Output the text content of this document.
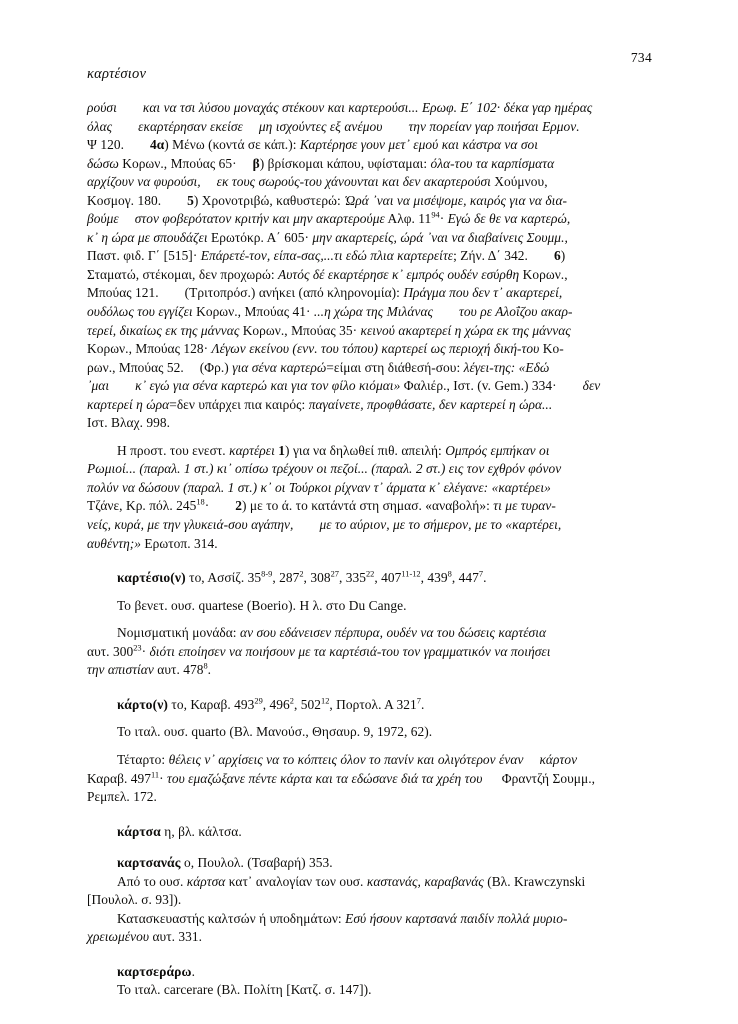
734
καρτέσιον
ρούσι και να τσι λύσου μοναχάς στέκουν και καρτερούσι... Ερωφ. Ε΄ 102· δέκα γαρ ημέρας
όλας εκαρτέρησαν εκείσε μη ισχούντες εξ ανέμου την πορείαν γαρ ποιήσαι Ερμον.
Ψ 120. 4α) Μένω (κοντά σε κάπ.): Καρτέρησε γουν μετ᾽ εμού και κάστρα να σοι
δώσω Κορων., Μπούας 65· β) βρίσκομαι κάπου, υφίσταμαι: όλα-του τα καρπίσματα
αρχίζουν να φυρούσι, εκ τους σωρούς-του χάνουνται και δεν ακαρτερούσι Χούμνου,
Κοσμογ. 180. 5) Χρονοτριβώ, καθυστερώ: Ὡρά ᾽ναι να μισέψομε, καιρός για να δια-
βούμε στον φοβερότατον κριτήν και μην ακαρτερούμε Αλφ. $11^{94}\cdot E\gamma ώ$ δε θε να καρτερώ,
κ᾽ η ώρα με σπουδάζει Ερωτόκρ. Α΄ 605· μην ακαρτερείς, ώρά ᾽ναι να διαβαίνεις Σουμμ.,
Παστ. φιδ. Γ΄ [515]· Επάρετέ-τον, είπα-σας,...τι εδώ πλια καρτερείτε; Ζήν. Δ΄ 342. 6)
Σταματώ, στέκομαι, δεν προχωρώ: Αυτός δέ εκαρτέρησε κ᾽ εμπρός ουδέν εσύρθη Κορων.,
Μπούας 121. (Τριτοπρόσ.) ανήκει (από κληρονομία): Πράγμα που δεν τ᾽ ακαρτερεί,
ουδόλως του εγγίζει Κορων., Μπούας 41· ...η χώρα της Μιλάνας του ρε Αλοΐζου ακαρ-
τερεί, δικαίως εκ της μάννας Κορων., Μπούας 35· κεινού ακαρτερεί η χώρα εκ της μάννας
Κορων., Μπούας 128· Λέγων εκείνου (ενν. του τόπου) καρτερεί ως περιοχή δική-του Κο-
ρων., Μπούας 52. (Φρ.) για σένα καρτερώ=είμαι στη διάθεσή-σου: λέγει-της: «Εδώ
᾽μαι κ᾽ εγώ για σένα καρτερώ και για τον φίλο κιόμαι» Φαλιέρ., Ιστ. (v. Gem.) 334· δεν
καρτερεί η ώρα=δεν υπάρχει πια καιρός: παγαίνετε, προφθάσατε, δεν καρτερεί η ώρα...
Ιστ. Βλαχ. 998.
Η προστ. του ενεστ. καρτέρει 1) για να δηλωθεί πιθ. απειλή: Ομπρός εμπήκαν οι
Ρωμιοί... (παραλ. 1 στ.) κι᾽ οπίσω τρέχουν οι πεζοί... (παραλ. 2 στ.) εις τον εχθρόν φόνον
πολύν να δώσουν (παραλ. 1 στ.) κ᾽ οι Τούρκοι ρίχναν τ᾽ άρματα κ᾽ ελέγανε: «καρτέρει»
Τζάνε, Κρ. πόλ. $245^{18}\cdot 2$) με το ά. το κατάντά στη σημασ. «αναβολή»: τι με τυραν-
νείς, κυρά, με την γλυκειά-σου αγάπην, με το αύριον, με το σήμερον, με το «καρτέρει,
αυθέντη;» Ερωτοπ. 314.
καρτέσιο(ν) το, Ασσίζ. 35$^{8-9}$, $287^2$, $308^{27}$, $335^{22}$, 407$^{11-12}$, $439^8$, $447^7$.
Το βενετ. ουσ. quartese (Boerio). Η λ. στο Du Cange.
Νομισματική μονάδα: αν σου εδάνεισεν πέρπυρα, ουδέν να του δώσεις καρτέσια
αυτ. $300^{23}\cdot \delta\iota ό\tau\iota$ εποίησεν να ποιήσουν με τα καρτέσιά-του τον γραμματικόν να ποιήσει
την απιστίαν αυτ. $478^8$.
κάρτο(ν) το, Καραβ. $493^{29}$, $496^2$, $502^{12}$, Πορτολ. Α $321^7$.
Το ιταλ. ουσ. quarto (Βλ. Μανούσ., Θησαυρ. 9, 1972, 62).
Τέταρτο: θέλεις ν᾽ αρχίσεις να το κόπτεις όλον το πανίν και ολιγότερον έναν κάρτον
Καραβ. $497^{11}\cdot \tau o\upsilon$ εμαζώξανε πέντε κάρτα και τα εδώσανε διά τα χρέη του Φραντζή Σουμμ.,
Ρεμπελ. 172.
κάρτσα η, βλ. κάλτσα.
καρτσανάς ο, Πουλολ. (Τσαβαρή) 353.
Από το ουσ. κάρτσα κατ᾽ αναλογίαν των ουσ. καστανάς, καραβανάς (Βλ. Krawczynski
[Πουλολ. σ. 93]).
Κατασκευαστής καλτσών ή υποδημάτων: Εσύ ήσουν καρτσανά παιδίν πολλά μυριο-
χρειωμένου αυτ. 331.
καρτσεράρω.
Το ιταλ. carcerare (Βλ. Πολίτη [Κατζ. σ. 147]).
